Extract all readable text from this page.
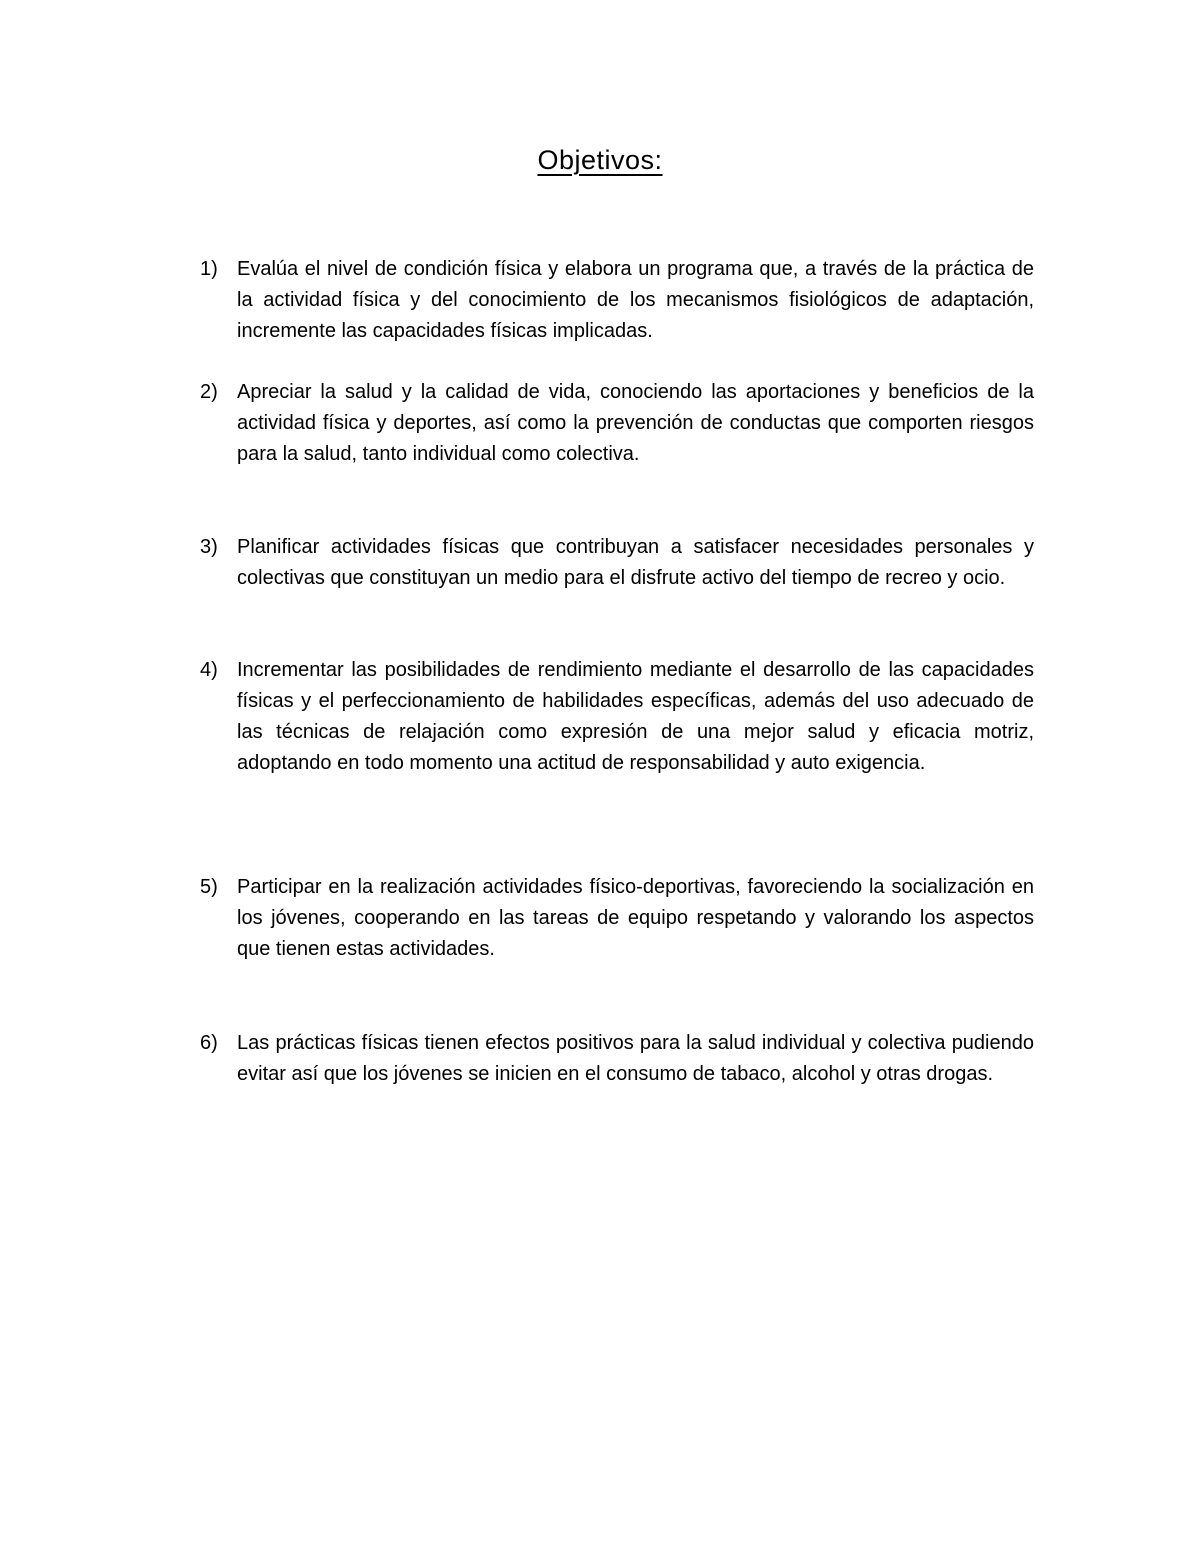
Objetivos:
1) Evalúa el nivel de condición física y elabora un programa que, a través de la práctica de la actividad física y del conocimiento de los mecanismos fisiológicos de adaptación, incremente las capacidades físicas implicadas.
2) Apreciar la salud y la calidad de vida, conociendo las aportaciones y beneficios de la actividad física y deportes, así como la prevención de conductas que comporten riesgos para la salud, tanto individual como colectiva.
3) Planificar actividades físicas que contribuyan a satisfacer necesidades personales y colectivas que constituyan un medio para el disfrute activo del tiempo de recreo y ocio.
4) Incrementar las posibilidades de rendimiento mediante el desarrollo de las capacidades físicas y el perfeccionamiento de habilidades específicas, además del uso adecuado de las técnicas de relajación como expresión de una mejor salud y eficacia motriz, adoptando en todo momento una actitud de responsabilidad y auto exigencia.
5) Participar en la realización actividades físico-deportivas, favoreciendo la socialización en los jóvenes, cooperando en las tareas de equipo respetando y valorando los aspectos que tienen estas actividades.
6) Las prácticas físicas tienen efectos positivos para la salud individual y colectiva pudiendo evitar así que los jóvenes se inicien en el consumo de tabaco, alcohol y otras drogas.
